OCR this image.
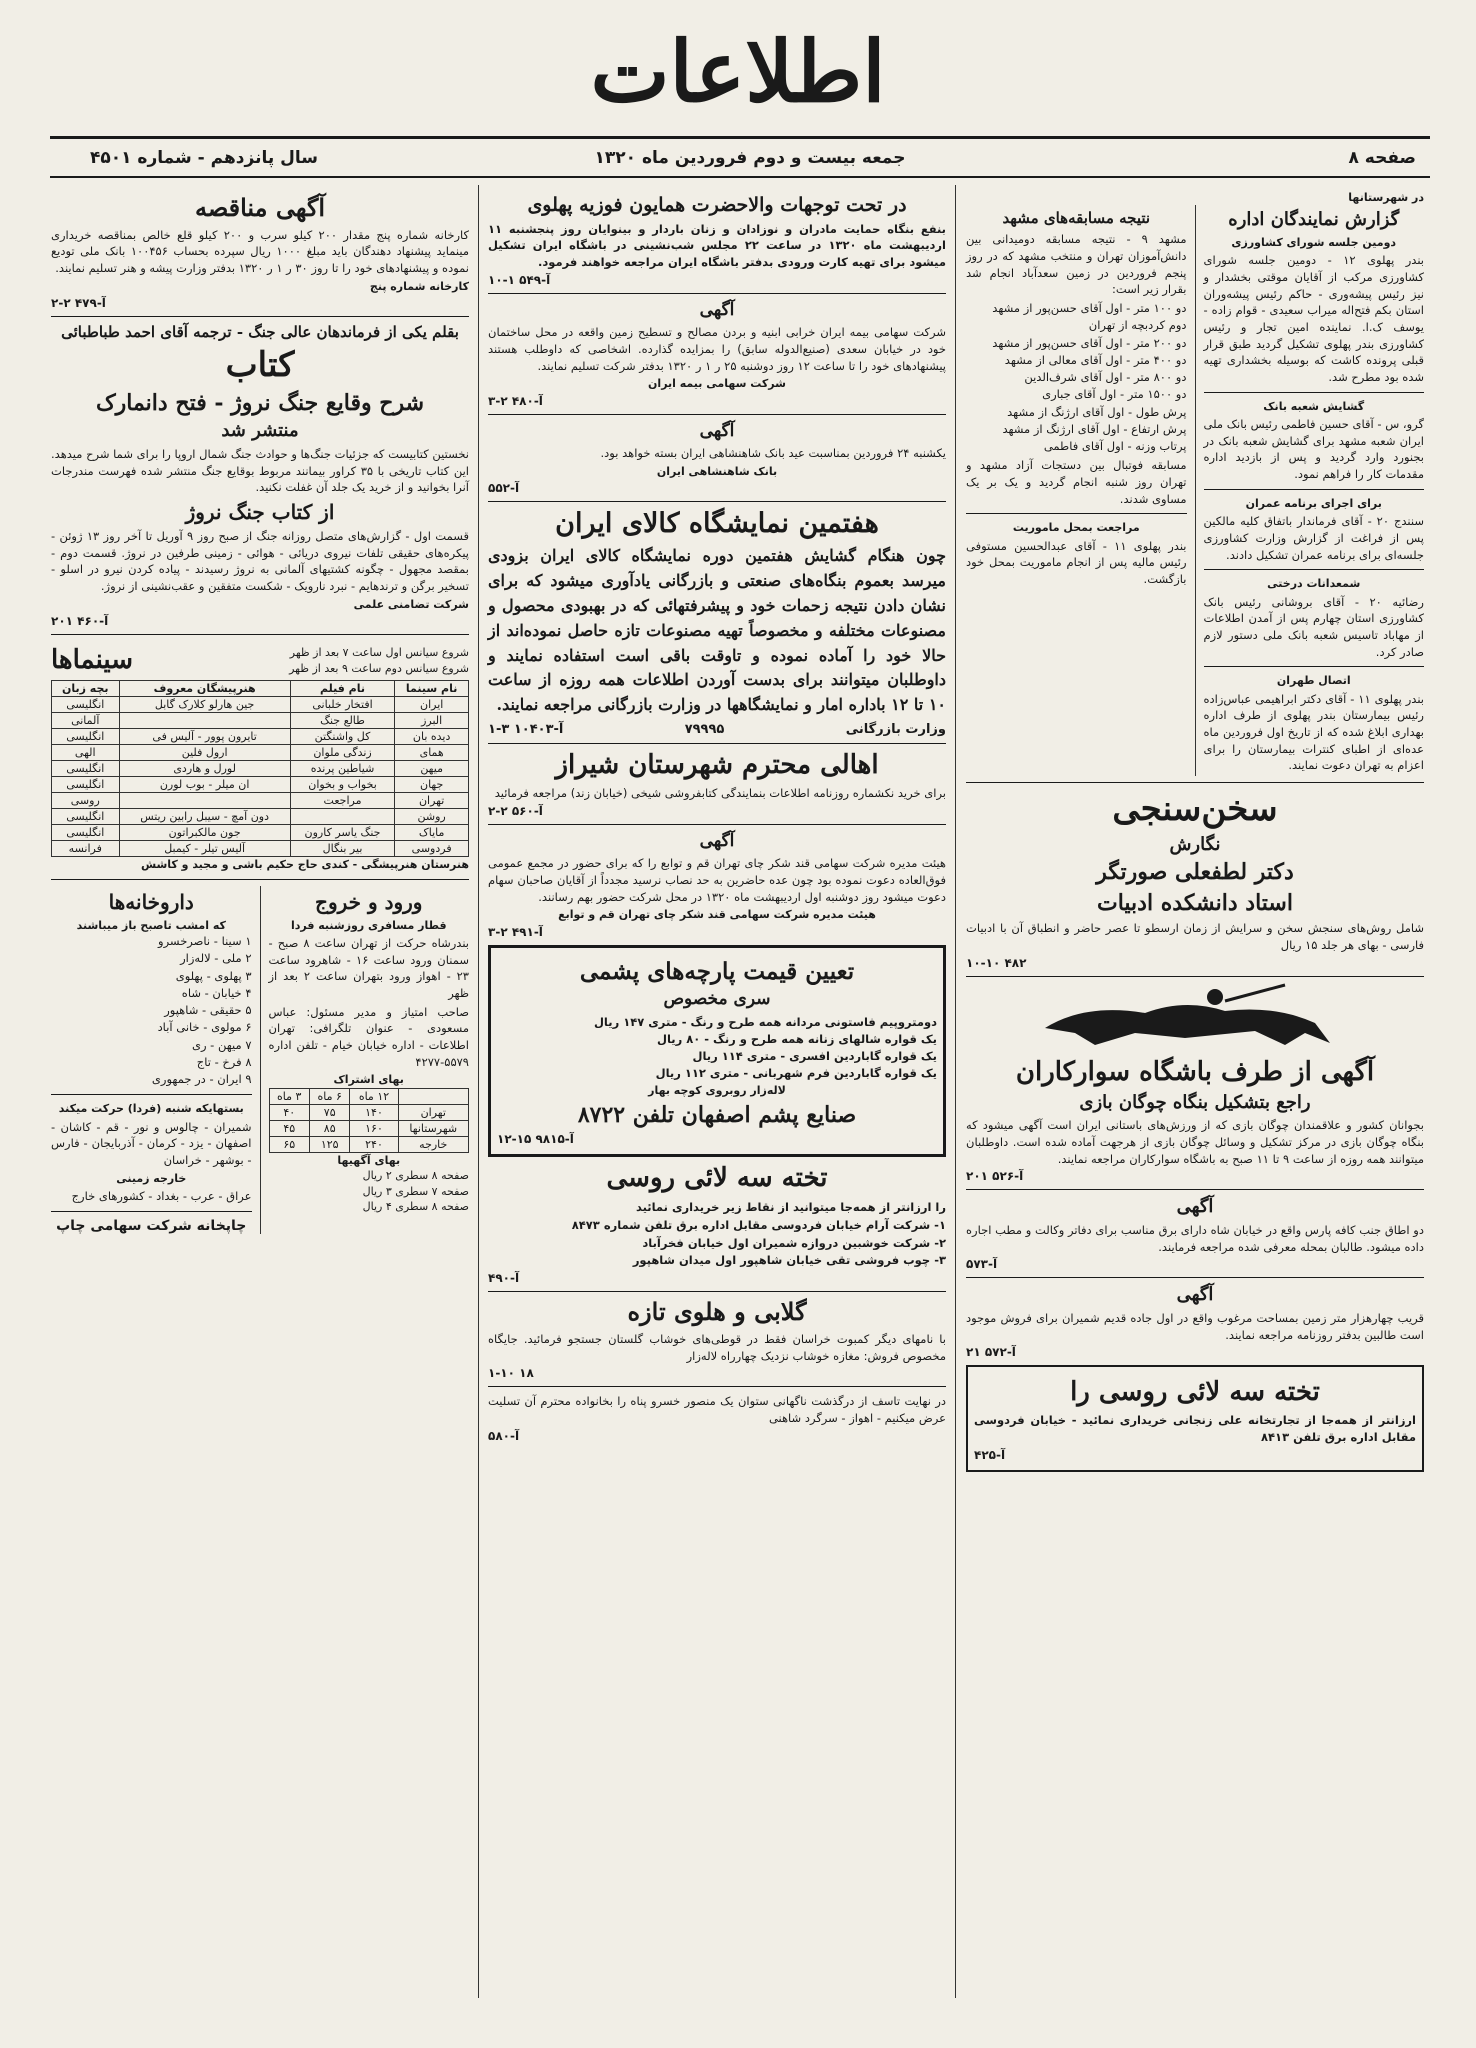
اطلاعات
صفحه ۸
جمعه بیست و دوم فروردین ماه ۱۳۲۰
سال پانزدهم - شماره ۴۵۰۱
در شهرستانها
گزارش نمایندگان اداره
دومین جلسه شورای کشاورزی
بندر پهلوی ۱۲ - دومین جلسه شورای کشاورزی مرکب از آقایان موقتی بخشدار و نیز رئیس پیشه‌وری - حاکم رئیس پیشه‌وران استان بکم فتح‌اله میراب سعیدی - قوام زاده - یوسف ک.ا. نماینده امین تجار و رئیس کشاورزی بندر پهلوی تشکیل گردید طبق قرار قبلی پرونده کاشت که بوسیله بخشداری تهیه شده بود مطرح شد.
گشایش شعبه بانک
گرو، س - آقای حسین فاطمی رئیس بانک ملی ایران شعبه مشهد برای گشایش شعبه بانک در بجنورد وارد گردید و پس از بازدید اداره مقدمات کار را فراهم نمود.
برای اجرای برنامه عمران
سنندج ۲۰ - آقای فرماندار باتفاق کلیه مالکین پس از فراغت از گزارش وزارت کشاورزی جلسه‌ای برای برنامه عمران تشکیل دادند.
شمعدانات درختی
رضائیه ۲۰ - آقای بروشانی رئیس بانک کشاورزی استان چهارم پس از آمدن اطلاعات از مهاباد تاسیس شعبه بانک ملی دستور لازم صادر کرد.
اتصال طهران
بندر پهلوی ۱۱ - آقای دکتر ابراهیمی عباس‌زاده رئیس بیمارستان بندر پهلوی از طرف اداره بهداری ابلاغ شده که از تاریخ اول فروردین ماه عده‌ای از اطبای کنترات بیمارستان را برای اعزام به تهران دعوت نمایند.
نتیجه مسابقه‌های مشهد
مشهد ۹ - نتیجه مسابقه دومیدانی بین دانش‌آموزان تهران و منتخب مشهد که در روز پنجم فروردین در زمین سعدآباد انجام شد بقرار زیر است:
دو ۱۰۰ متر - اول آقای حسن‌پور از مشهد
دوم کردبچه از تهران
دو ۲۰۰ متر - اول آقای حسن‌پور از مشهد
دو ۴۰۰ متر - اول آقای معالی از مشهد
دو ۸۰۰ متر - اول آقای شرف‌الدین
دو ۱۵۰۰ متر - اول آقای جباری
پرش طول - اول آقای ارژنگ از مشهد
پرش ارتفاع - اول آقای ارژنگ از مشهد
پرتاب وزنه - اول آقای فاطمی
مسابقه فوتبال بین دستجات آزاد مشهد و تهران روز شنبه انجام گردید و یک بر یک مساوی شدند.
مراجعت بمحل ماموریت
بندر پهلوی ۱۱ - آقای عبدالحسین مستوفی رئیس مالیه پس از انجام ماموریت بمحل خود بازگشت.
سخن‌سنجی
نگارش
دکتر لطفعلی صورتگر
استاد دانشکده ادبیات
شامل روش‌های سنجش سخن و سرایش از زمان ارسطو تا عصر حاضر و انطباق آن با ادبیات فارسی - بهای هر جلد ۱۵ ریال
۱۰-۱۰ ۴۸۲
آگهی از طرف باشگاه سوارکاران
راجع بتشکیل بنگاه چوگان بازی
بجوانان کشور و علاقمندان چوگان بازی که از ورزش‌های باستانی ایران است آگهی میشود که بنگاه چوگان بازی در مرکز تشکیل و وسائل چوگان بازی از هرجهت آماده شده است. داوطلبان میتوانند همه روزه از ساعت ۹ تا ۱۱ صبح به باشگاه سوارکاران مراجعه نمایند.
آ-۵۲۶ ۲۰۱
آگهی
دو اطاق جنب کافه پارس واقع در خیابان شاه دارای برق مناسب برای دفاتر وکالت و مطب اجاره داده میشود. طالبان بمحله معرفی شده مراجعه فرمایند.
آ-۵۷۳
آگهی
قریب چهارهزار متر زمین بمساحت مرغوب واقع در اول جاده قدیم شمیران برای فروش موجود است طالبین بدفتر روزنامه مراجعه نمایند.
آ-۵۷۲ ۲۱
تخته سه لائی روسی را
ارزانتر از همه‌جا از تجارتخانه علی زنجانی خریداری نمائید - خیابان فردوسی مقابل اداره برق تلفن ۸۴۱۳
آ-۴۲۵
در تحت توجهات والاحضرت همایون فوزیه پهلوی
بنفع بنگاه حمایت مادران و نوزادان و زنان باردار و بینوایان روز پنجشنبه ۱۱ اردیبهشت ماه ۱۳۲۰ در ساعت ۲۲ مجلس شب‌نشینی در باشگاه ایران تشکیل میشود برای تهیه کارت ورودی بدفتر باشگاه ایران مراجعه خواهند فرمود.
آ-۵۴۹ ۱-۱۰
آگهی
شرکت سهامی بیمه ایران خرابی ابنیه و بردن مصالح و تسطیح زمین واقعه در محل ساختمان خود در خیابان سعدی (صنیع‌الدوله سابق) را بمزایده گذارده. اشخاصی که داوطلب هستند پیشنهادهای خود را تا ساعت ۱۲ روز دوشنبه ۲۵ ر ۱ ر ۱۳۲۰ بدفتر شرکت تسلیم نمایند.
شرکت سهامی بیمه ایران
آ-۴۸۰ ۲-۳
آگهی
یکشنبه ۲۴ فروردین بمناسبت عید بانک شاهنشاهی ایران بسته خواهد بود.
بانک شاهنشاهی ایران
آ-۵۵۲
هفتمین نمایشگاه کالای ایران
چون هنگام گشایش هفتمین دوره نمایشگاه کالای ایران بزودی میرسد بعموم بنگاه‌های صنعتی و بازرگانی یادآوری میشود که برای نشان دادن نتیجه زحمات خود و پیشرفتهائی که در بهبودی محصول و مصنوعات مختلفه و مخصوصاً تهیه مصنوعات تازه حاصل نموده‌اند از حالا خود را آماده نموده و تاوقت باقی است استفاده نمایند و داوطلبان میتوانند برای بدست آوردن اطلاعات همه روزه از ساعت ۱۰ تا ۱۲ باداره امار و نمایشگاهها در وزارت بازرگانی مراجعه نمایند.
وزارت بازرگانی
۷۹۹۹۵
آ-۱۰۴۰۳ ۳-۱
اهالی محترم شهرستان شیراز
برای خرید نکشماره روزنامه اطلاعات بنمایندگی کتابفروشی شیخی (خیابان زند) مراجعه فرمائید
آ-۵۶۰ ۲-۲
آگهی
هیئت مدیره شرکت سهامی قند شکر چای تهران قم و توابع را که برای حضور در مجمع عمومی فوق‌العاده دعوت نموده بود چون عده حاضرین به حد نصاب نرسید مجدداً از آقایان صاحبان سهام دعوت میشود روز دوشنبه اول اردیبهشت ماه ۱۳۲۰ در محل شرکت حضور بهم رسانند.
هیئت مدیره شرکت سهامی قند شکر چای تهران قم و توابع
آ-۴۹۱ ۲-۳
تعیین قیمت پارچه‌های پشمی
سری مخصوص
دومتروپیم فاستونی مردانه همه طرح و رنگ - متری ۱۴۷ ریال
یک قواره شالهای زنانه همه طرح و رنگ - ۸۰ ریال
یک قواره گاباردین افسری - متری ۱۱۴ ریال
یک قواره گاباردین فرم شهربانی - متری ۱۱۲ ریال
لاله‌زار روبروی کوچه بهار
صنایع پشم اصفهان تلفن ۸۷۲۲
آ-۹۸۱۵ ۱۵-۱۲
تخته سه لائی روسی
را ارزانتر از همه‌جا میتوانید از نقاط زیر خریداری نمائید
۱- شرکت آرام خیابان فردوسی مقابل اداره برق تلفن شماره ۸۴۷۳
۲- شرکت خوشبین دروازه شمیران اول خیابان فخرآباد
۳- چوب فروشی تقی خیابان شاهپور اول میدان شاهپور
آ-۴۹۰
گلابی و هلوی تازه
با نامهای دیگر کمبوت خراسان فقط در قوطی‌های خوشاب گلستان جستجو فرمائید. جایگاه مخصوص فروش: مغازه خوشاب نزدیک چهارراه لاله‌زار
۱-۱۰ ۱۸
در نهایت تاسف از درگذشت ناگهانی ستوان یک منصور خسرو پناه را بخانواده محترم آن تسلیت عرض میکنیم - اهواز - سرگرد شاهنی
آ-۵۸۰
آگهی مناقصه
کارخانه شماره پنج مقدار ۲۰۰ کیلو سرب و ۲۰۰ کیلو قلع خالص بمناقصه خریداری مینماید پیشنهاد دهندگان باید مبلغ ۱۰۰۰ ریال سپرده بحساب ۱۰۰۴۵۶ بانک ملی تودیع نموده و پیشنهادهای خود را تا روز ۳۰ ر ۱ ر ۱۳۲۰ بدفتر وزارت پیشه و هنر تسلیم نمایند.
کارخانه شماره پنج
آ-۴۷۹ ۲-۲
بقلم یکی از فرماندهان عالی جنگ - ترجمه آقای احمد طباطبائی
کتاب
شرح وقایع جنگ نروژ - فتح دانمارک
منتشر شد
نخستین کتابیست که جزئیات جنگ‌ها و حوادث جنگ شمال اروپا را برای شما شرح میدهد. این کتاب تاریخی با ۳۵ کراور بیمانند مربوط بوقایع جنگ منتشر شده فهرست مندرجات آنرا بخوانید و از خرید یک جلد آن غفلت نکنید.
از کتاب جنگ نروژ
قسمت اول - گزارش‌های متصل روزانه جنگ از صبح روز ۹ آوریل تا آخر روز ۱۳ ژوئن - پیکره‌های حقیقی تلفات نیروی دریائی - هوائی - زمینی طرفین در نروژ. قسمت دوم - بمقصد مجهول - چگونه کشتیهای آلمانی به نروژ رسیدند - پیاده کردن نیرو در اسلو - تسخیر برگن و ترندهایم - نبرد نارویک - شکست متفقین و عقب‌نشینی از نروژ.
شرکت تضامنی علمی
آ-۴۶۰ ۲۰۱
شروع سیانس اول ساعت ۷ بعد از ظهر
شروع سیانس دوم ساعت ۹ بعد از ظهر
سینماها
نام سینما	نام فیلم	هنرپیشگان معروف	بچه زبان
ایران	افتخار خلبانی	جین هارلو کلارک گابل	انگلیسی
البرز	طالع جنگ		آلمانی
دیده بان	کل واشنگتن	تایرون پوور - آلیس فی	انگلیسی
همای	زندگی ملوان	ارول فلین	الهی
میهن	شیاطین پرنده	لورل و هاردی	انگلیسی
جهان	بخواب و بخوان	ان میلر - بوب لورن	انگلیسی
تهران	مراجعت		روسی
روشن		دون آمچ - سیبل رابین ریتس	انگلیسی
مایاک	جنگ یاسر کارون	جون مالکبراتون	انگلیسی
فردوسی	بیر بنگال	آلیس تیلر - کیمبل	فرانسه
هنرستان هنرپیشگی - کندی حاج حکیم باشی و مجید و کاشش
ورود و خروج
قطار مسافری روزشنبه فردا
بندرشاه حرکت از تهران ساعت ۸ صبح - سمنان ورود ساعت ۱۶ - شاهرود ساعت ۲۳ - اهواز ورود بتهران ساعت ۲ بعد از ظهر
صاحب امتیاز و مدیر مسئول: عباس مسعودی - عنوان تلگرافی: تهران اطلاعات - اداره خیابان خیام - تلفن اداره ۵۵۷۹-۴۲۷۷
بهای اشتراک
	۱۲ ماه	۶ ماه	۳ ماه
تهران	۱۴۰	۷۵	۴۰
شهرستانها	۱۶۰	۸۵	۴۵
خارجه	۲۴۰	۱۲۵	۶۵
بهای آگهیها
صفحه ۸ سطری ۲ ریال
صفحه ۷ سطری ۳ ریال
صفحه ۸ سطری ۴ ریال
داروخانه‌ها
که امشب تاصبح باز میباشند
۱ سینا - ناصرخسرو
۲ ملی - لاله‌زار
۳ پهلوی - پهلوی
۴ خیابان - شاه
۵ حقیقی - شاهپور
۶ مولوی - خانی آباد
۷ میهن - ری
۸ فرخ - تاج
۹ ایران - در جمهوری
بستهایکه شنبه (فردا) حرکت میکند
شمیران - چالوس و نور - قم - کاشان - اصفهان - یزد - کرمان - آذربایجان - فارس - بوشهر - خراسان
خارجه زمینی
عراق - عرب - بغداد - کشورهای خارج
چاپخانه شرکت سهامی چاپ
